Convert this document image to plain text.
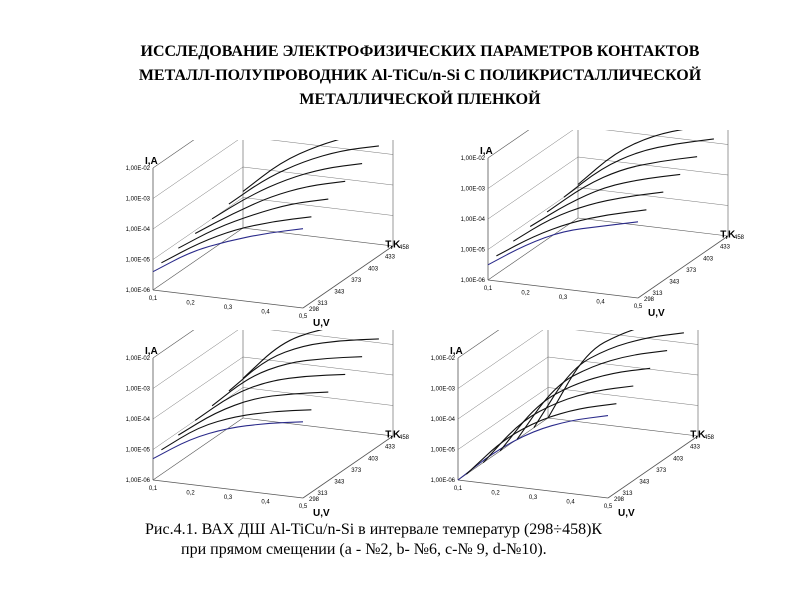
ИССЛЕДОВАНИЕ ЭЛЕКТРОФИЗИЧЕСКИХ ПАРАМЕТРОВ КОНТАКТОВ
МЕТАЛЛ-ПОЛУПРОВОДНИК Al-TiCu/n-Si С ПОЛИКРИСТАЛЛИЧЕСКОЙ
МЕТАЛЛИЧЕСКОЙ ПЛЕНКОЙ
1,00E-02
1,00E-03
1,00E-04
1,00E-05
1,00E-06
0,1
0,2
0,3
0,4
0,5
298
313
343
373
403
433
458
I,A
U,V
T,K
1,00E-02
1,00E-03
1,00E-04
1,00E-05
1,00E-06
0,1
0,2
0,3
0,4
0,5
298
313
343
373
403
433
458
I,A
U,V
T,K
1,00E-02
1,00E-03
1,00E-04
1,00E-05
1,00E-06
0,1
0,2
0,3
0,4
0,5
298
313
343
373
403
433
458
I,A
U,V
T,K
1,00E-02
1,00E-03
1,00E-04
1,00E-05
1,00E-06
0,1
0,2
0,3
0,4
0,5
298
313
343
373
403
433
458
I,A
U,V
T,K
Рис.4.1. ВАХ ДШ Al-TiCu/n-Si в интервале температур (298÷458)К
при прямом смещении (а - №2, b- №6, c-№ 9, d-№10).
